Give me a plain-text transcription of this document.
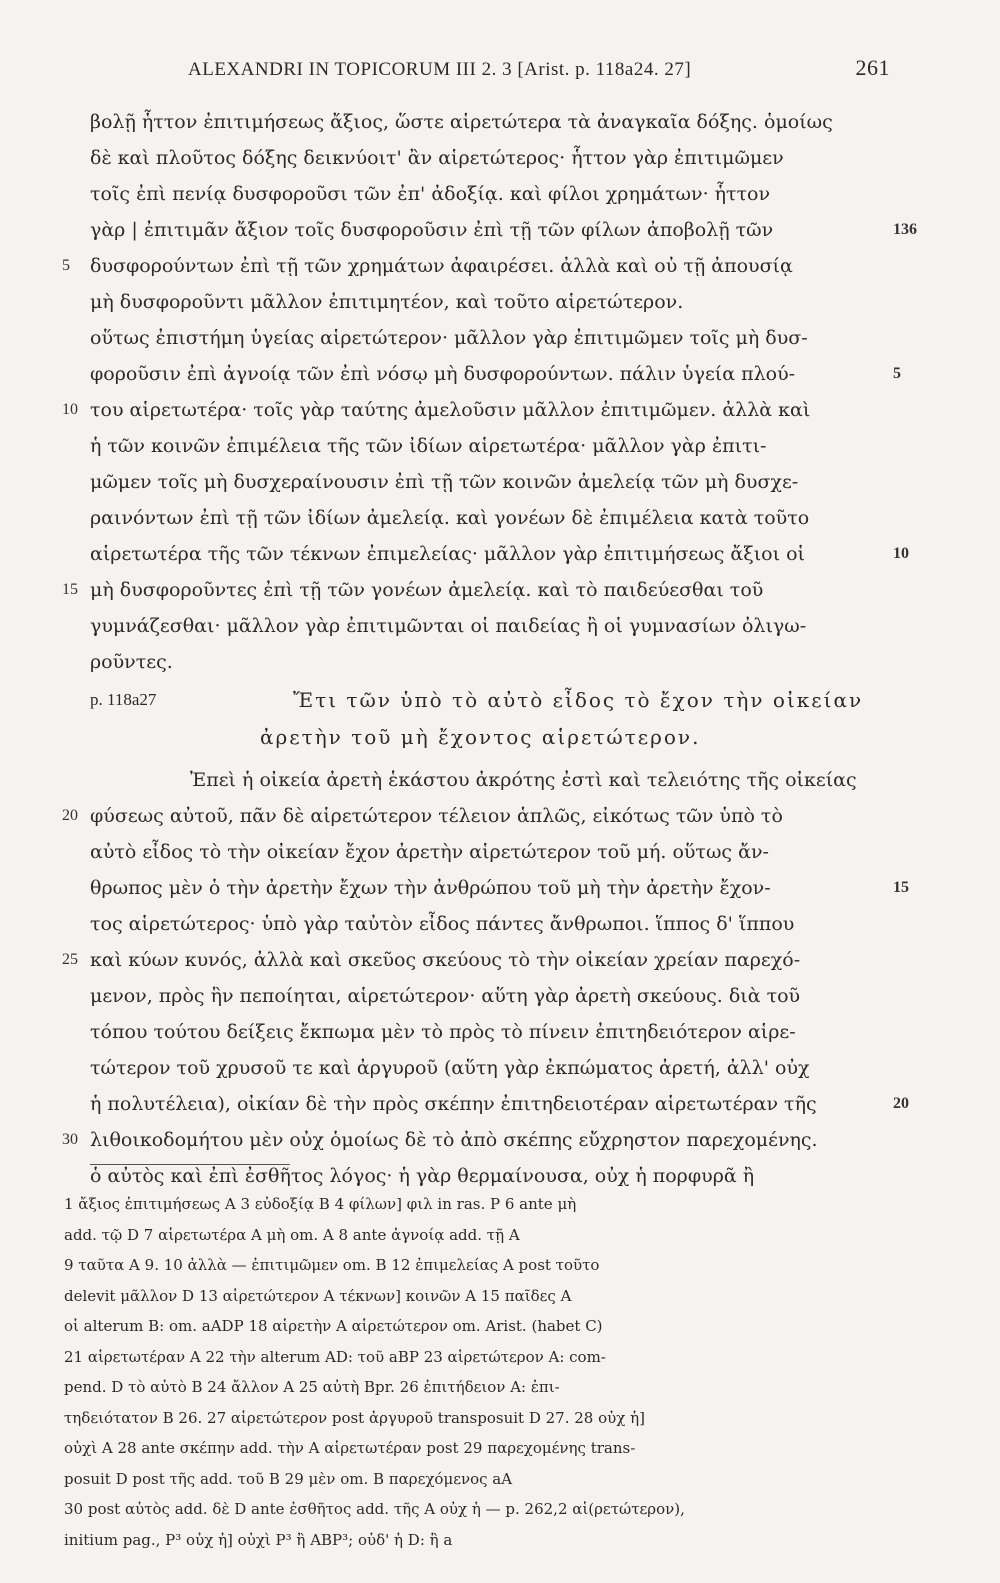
ALEXANDRI IN TOPICORUM III 2. 3 [Arist. p. 118a24. 27]	261
βολῇ ἧττον ἐπιτιμήσεως ἄξιος, ὥστε αἱρετώτερα τὰ ἀναγκαῖα δόξης. ὁμοίως
δὲ καὶ πλοῦτος δόξης δεικνύοιτ' ἂν αἱρετώτερος· ἧττον γὰρ ἐπιτιμῶμεν
τοῖς ἐπὶ πενίᾳ δυσφοροῦσι τῶν ἐπ' ἀδοξίᾳ. καὶ φίλοι χρημάτων· ἧττον
γὰρ | ἐπιτιμᾶν ἄξιον τοῖς δυσφοροῦσιν ἐπὶ τῇ τῶν φίλων ἀποβολῇ τῶν
δυσφορούντων ἐπὶ τῇ τῶν χρημάτων ἀφαιρέσει. ἀλλὰ καὶ οὐ τῇ ἀπουσίᾳ
μὴ δυσφοροῦντι μᾶλλον ἐπιτιμητέον, καὶ τοῦτο αἱρετώτερον.
οὕτως ἐπιστήμη ὑγείας αἱρετώτερον· μᾶλλον γὰρ ἐπιτιμῶμεν τοῖς μὴ δυσ-
φοροῦσιν ἐπὶ ἀγνοίᾳ τῶν ἐπὶ νόσῳ μὴ δυσφορούντων. πάλιν ὑγεία πλού-
του αἱρετωτέρα· τοῖς γὰρ ταύτης ἀμελοῦσιν μᾶλλον ἐπιτιμῶμεν. ἀλλὰ καὶ
ἡ τῶν κοινῶν ἐπιμέλεια τῆς τῶν ἰδίων αἱρετωτέρα· μᾶλλον γὰρ ἐπιτι-
μῶμεν τοῖς μὴ δυσχεραίνουσιν ἐπὶ τῇ τῶν κοινῶν ἀμελείᾳ τῶν μὴ δυσχε-
ραινόντων ἐπὶ τῇ τῶν ἰδίων ἀμελείᾳ. καὶ γονέων δὲ ἐπιμέλεια κατὰ τοῦτο
αἱρετωτέρα τῆς τῶν τέκνων ἐπιμελείας· μᾶλλον γὰρ ἐπιτιμήσεως ἄξιοι οἱ
μὴ δυσφοροῦντες ἐπὶ τῇ τῶν γονέων ἀμελείᾳ. καὶ τὸ παιδεύεσθαι τοῦ
γυμνάζεσθαι· μᾶλλον γὰρ ἐπιτιμῶνται οἱ παιδείας ἢ οἱ γυμνασίων ὀλιγω-
ροῦντες.
p. 118a27	Ἔτι τῶν ὑπὸ τὸ αὐτὸ εἶδος τὸ ἔχον τὴν οἰκείαν
ἀρετὴν τοῦ μὴ ἔχοντος αἱρετώτερον.
Ἐπεὶ ἡ οἰκεία ἀρετὴ ἑκάστου ἀκρότης ἐστὶ καὶ τελειότης τῆς οἰκείας
φύσεως αὐτοῦ, πᾶν δὲ αἱρετώτερον τέλειον ἁπλῶς, εἰκότως τῶν ὑπὸ τὸ
αὐτὸ εἶδος τὸ τὴν οἰκείαν ἔχον ἀρετὴν αἱρετώτερον τοῦ μή. οὕτως ἄν-
θρωπος μὲν ὁ τὴν ἀρετὴν ἔχων τὴν ἀνθρώπου τοῦ μὴ τὴν ἀρετὴν ἔχον-
τος αἱρετώτερος· ὑπὸ γὰρ ταὐτὸν εἶδος πάντες ἄνθρωποι. ἵππος δ' ἵππου
καὶ κύων κυνός, ἀλλὰ καὶ σκεῦος σκεύους τὸ τὴν οἰκείαν χρείαν παρεχό-
μενον, πρὸς ἣν πεποίηται, αἱρετώτερον· αὕτη γὰρ ἀρετὴ σκεύους. διὰ τοῦ
τόπου τούτου δείξεις ἔκπωμα μὲν τὸ πρὸς τὸ πίνειν ἐπιτηδειότερον αἱρε-
τώτερον τοῦ χρυσοῦ τε καὶ ἀργυροῦ (αὕτη γὰρ ἐκπώματος ἀρετή, ἀλλ' οὐχ
ἡ πολυτέλεια), οἰκίαν δὲ τὴν πρὸς σκέπην ἐπιτηδειοτέραν αἱρετωτέραν τῆς
λιθοικοδομήτου μὲν οὐχ ὁμοίως δὲ τὸ ἀπὸ σκέπης εὔχρηστον παρεχομένης.
ὁ αὐτὸς καὶ ἐπὶ ἐσθῆτος λόγος· ἡ γὰρ θερμαίνουσα, οὐχ ἡ πορφυρᾶ ἢ
5
10
15
20
25
30
136
5
10
15
20
1 ἄξιος ἐπιτιμήσεως A 3 εὐδοξίᾳ B 4 φίλων] φιλ in ras. P 6 ante μὴ
add. τῷ D 7 αἱρετωτέρα A μὴ om. A 8 ante ἀγνοίᾳ add. τῇ A
9 ταῦτα A 9. 10 ἀλλὰ — ἐπιτιμῶμεν om. B 12 ἐπιμελείας A post τοῦτο
delevit μᾶλλον D 13 αἱρετώτερον A τέκνων] κοινῶν A 15 παῖδες A
οἱ alterum B: om. aADP 18 αἱρετὴν A αἱρετώτερον om. Arist. (habet C)
21 αἱρετωτέραν A 22 τὴν alterum AD: τοῦ aBP 23 αἱρετώτερον A: com-
pend. D τὸ αὐτὸ B 24 ἄλλον A 25 αὐτὴ Bpr. 26 ἐπιτήδειον A: ἐπι-
τηδειότατον B 26. 27 αἱρετώτερον post ἀργυροῦ transposuit D 27. 28 οὐχ ἡ]
οὐχὶ A 28 ante σκέπην add. τὴν A αἱρετωτέραν post 29 παρεχομένης trans-
posuit D post τῆς add. τοῦ B 29 μὲν om. B παρεχόμενος aA
30 post αὐτὸς add. δὲ D ante ἐσθῆτος add. τῆς A οὐχ ἡ — p. 262,2 αἱ(ρετώτερον),
initium pag., P³ οὐχ ἡ] οὐχὶ P³ ἢ ABP³; οὐδ' ἡ D: ἢ a
